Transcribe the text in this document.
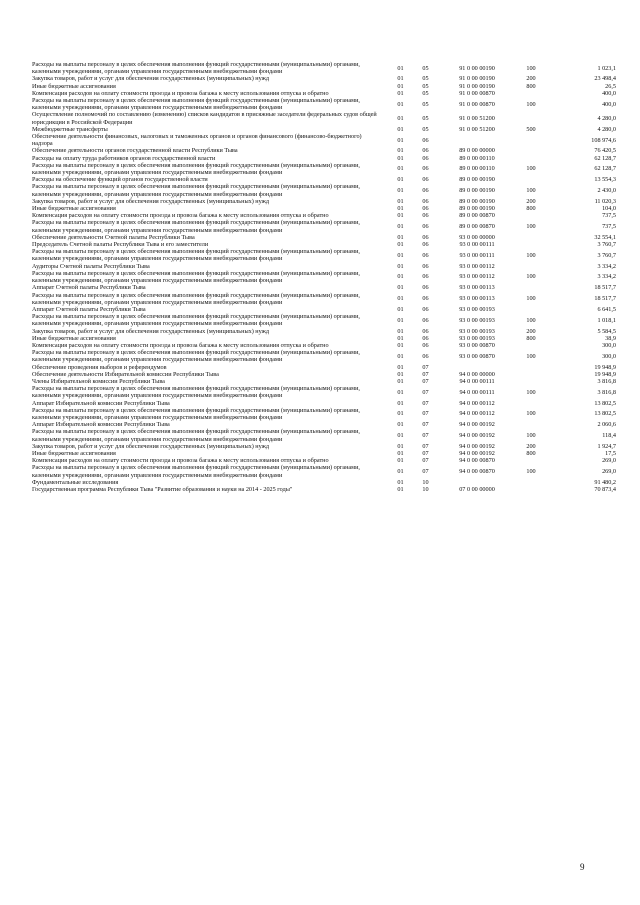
Расходы на выплаты персоналу в целях обеспечения выполнения функций государственными (муниципальными) органами, казенными учреждениями, органами управления государственными внебюджетными фондами	01	05	91 0 00 00190	100	1 023,1
Закупка товаров, работ и услуг для обеспечения государственных (муниципальных) нужд	01	05	91 0 00 00190	200	23 498,4
Иные бюджетные ассигнования	01	05	91 0 00 00190	800	26,5
Компенсация расходов на оплату стоимости проезда и провоза багажа к месту использования отпуска и обратно	01	05	91 0 00 00870		400,0
Расходы на выплаты персоналу в целях обеспечения выполнения функций государственными (муниципальными) органами, казенными учреждениями, органами управления государственными внебюджетными фондами	01	05	91 0 00 00870	100	400,0
Осуществление полномочий по составлению (изменению) списков кандидатов в присяжные заседатели федеральных судов общей юрисдикции в Российской Федерации	01	05	91 0 00 51200		4 280,0
Межбюджетные трансферты	01	05	91 0 00 51200	500	4 280,0
Обеспечение деятельности финансовых, налоговых и таможенных органов и органов финансового (финансово-бюджетного) надзора	01	06			108 974,6
Обеспечение деятельности органов государственной власти Республики Тыва	01	06	89 0 00 00000		76 420,5
Расходы на оплату труда работников органов государственной власти	01	06	89 0 00 00110		62 128,7
Расходы на выплаты персоналу в целях обеспечения выполнения функций государственными (муниципальными) органами, казенными учреждениями, органами управления государственными внебюджетными фондами	01	06	89 0 00 00110	100	62 128,7
Расходы на обеспечение функций органов государственной власти	01	06	89 0 00 00190		13 554,3
Расходы на выплаты персоналу в целях обеспечения выполнения функций государственными (муниципальными) органами, казенными учреждениями, органами управления государственными внебюджетными фондами	01	06	89 0 00 00190	100	2 430,0
Закупка товаров, работ и услуг для обеспечения государственных (муниципальных) нужд	01	06	89 0 00 00190	200	11 020,3
Иные бюджетные ассигнования	01	06	89 0 00 00190	800	104,0
Компенсация расходов на оплату стоимости проезда и провоза багажа к месту использования отпуска и обратно	01	06	89 0 00 00870		737,5
Расходы на выплаты персоналу в целях обеспечения выполнения функций государственными (муниципальными) органами, казенными учреждениями, органами управления государственными внебюджетными фондами	01	06	89 0 00 00870	100	737,5
Обеспечение деятельности Счетной палаты Республики Тыва	01	06	93 0 00 00000		32 554,1
Председатель Счетной палаты Республики Тыва и его заместители	01	06	93 0 00 00111		3 760,7
Расходы на выплаты персоналу в целях обеспечения выполнения функций государственными (муниципальными) органами, казенными учреждениями, органами управления государственными внебюджетными фондами	01	06	93 0 00 00111	100	3 760,7
Аудиторы Счетной палаты Республики Тыва	01	06	93 0 00 00112		3 334,2
Расходы на выплаты персоналу в целях обеспечения выполнения функций государственными (муниципальными) органами, казенными учреждениями, органами управления государственными внебюджетными фондами	01	06	93 0 00 00112	100	3 334,2
Аппарат Счетной палаты Республики Тыва	01	06	93 0 00 00113		18 517,7
Расходы на выплаты персоналу в целях обеспечения выполнения функций государственными (муниципальными) органами, казенными учреждениями, органами управления государственными внебюджетными фондами	01	06	93 0 00 00113	100	18 517,7
Аппарат Счетной палаты Республики Тыва	01	06	93 0 00 00193		6 641,5
Расходы на выплаты персоналу в целях обеспечения выполнения функций государственными (муниципальными) органами, казенными учреждениями, органами управления государственными внебюджетными фондами	01	06	93 0 00 00193	100	1 018,1
Закупка товаров, работ и услуг для обеспечения государственных (муниципальных) нужд	01	06	93 0 00 00193	200	5 584,5
Иные бюджетные ассигнования	01	06	93 0 00 00193	800	38,9
Компенсация расходов на оплату стоимости проезда и провоза багажа к месту использования отпуска и обратно	01	06	93 0 00 00870		300,0
Расходы на выплаты персоналу в целях обеспечения выполнения функций государственными (муниципальными) органами, казенными учреждениями, органами управления государственными внебюджетными фондами	01	06	93 0 00 00870	100	300,0
Обеспечение проведения выборов и референдумов	01	07			19 948,9
Обеспечение деятельности Избирательной комиссии Республики Тыва	01	07	94 0 00 00000		19 948,9
Члены Избирательной комиссии Республики Тыва	01	07	94 0 00 00111		3 816,8
Расходы на выплаты персоналу в целях обеспечения выполнения функций государственными (муниципальными) органами, казенными учреждениями, органами управления государственными внебюджетными фондами	01	07	94 0 00 00111	100	3 816,8
Аппарат Избирательной комиссии Республики Тыва	01	07	94 0 00 00112		13 802,5
Расходы на выплаты персоналу в целях обеспечения выполнения функций государственными (муниципальными) органами, казенными учреждениями, органами управления государственными внебюджетными фондами	01	07	94 0 00 00112	100	13 802,5
Аппарат Избирательной комиссии Республики Тыва	01	07	94 0 00 00192		2 060,6
Расходы на выплаты персоналу в целях обеспечения выполнения функций государственными (муниципальными) органами, казенными учреждениями, органами управления государственными внебюджетными фондами	01	07	94 0 00 00192	100	118,4
Закупка товаров, работ и услуг для обеспечения государственных (муниципальных) нужд	01	07	94 0 00 00192	200	1 924,7
Иные бюджетные ассигнования	01	07	94 0 00 00192	800	17,5
Компенсация расходов на оплату стоимости проезда и провоза багажа к месту использования отпуска и обратно	01	07	94 0 00 00870		269,0
Расходы на выплаты персоналу в целях обеспечения выполнения функций государственными (муниципальными) органами, казенными учреждениями, органами управления государственными внебюджетными фондами	01	07	94 0 00 00870	100	269,0
Фундаментальные исследования	01	10			91 480,2
Государственная программа Республики Тыва "Развитие образования и науки на 2014 - 2025 годы"	01	10	07 0 00 00000		70 873,4
9
